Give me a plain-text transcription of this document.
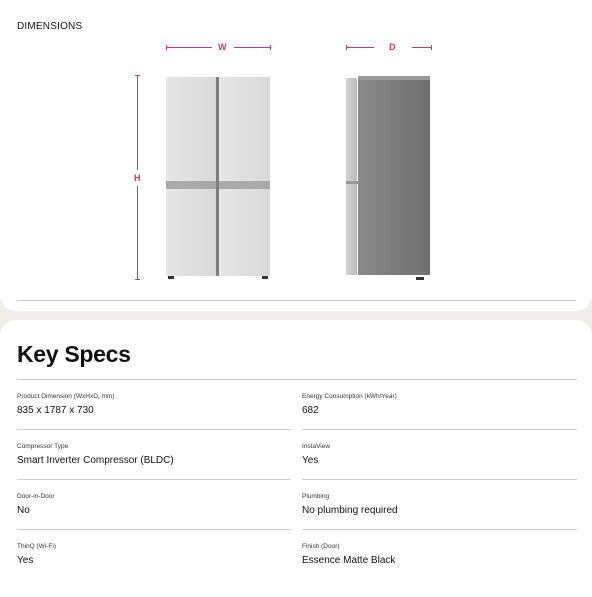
DIMENSIONS
W	D
H
Key Specs
Product Dimension (WxHxD, mm)
835 x 1787 x 730
Energy Consumption (kWh/Year)
682
Compressor Type
Smart Inverter Compressor (BLDC)
InstaView
Yes
Door-in-Door
No
Plumbing
No plumbing required
ThinQ (Wi-Fi)
Yes
Finish (Door)
Essence Matte Black
